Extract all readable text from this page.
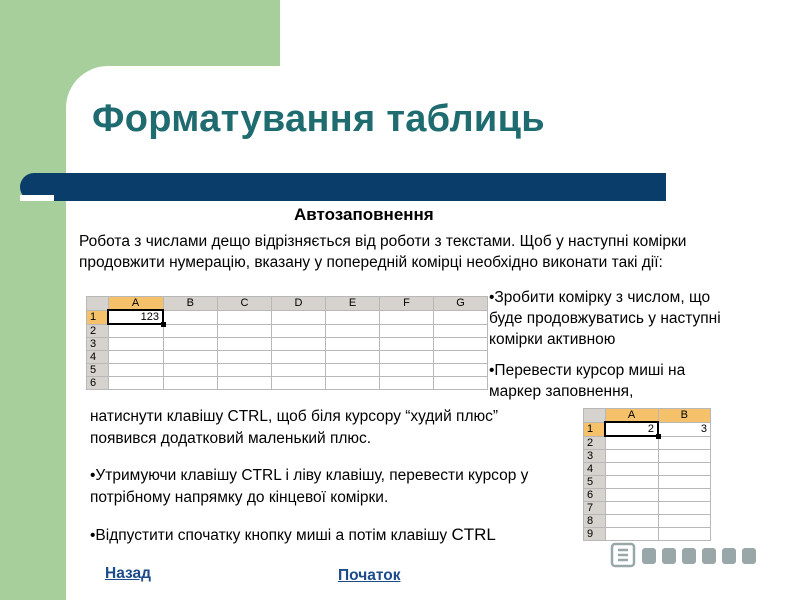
Форматування таблиць
Автозаповнення
Робота з числами дещо відрізняється від роботи з текстами. Щоб у наступні комірки продовжити нумерацію, вказану у попередній комірці необхідно виконати такі дії:
	A	B	C	D	E	F	G
1	123						
2							
3							
4							
5							
6							

•Зробити комірку з числом, що буде продовжуватись у наступні комірки активною

•Перевести курсор миші на маркер заповнення,

	A	B
1	2	3
2		
3		
4		
5		
6		
7		
8		
9		

натиснути клавішу CTRL, щоб біля курсору “худий плюс” появився додатковий маленький плюс.

•Утримуючи клавішу CTRL і ліву клавішу, перевести курсор у потрібному напрямку до кінцевої комірки.

•Відпустити спочатку кнопку миші а потім клавішу CTRL

Назад	Початок
